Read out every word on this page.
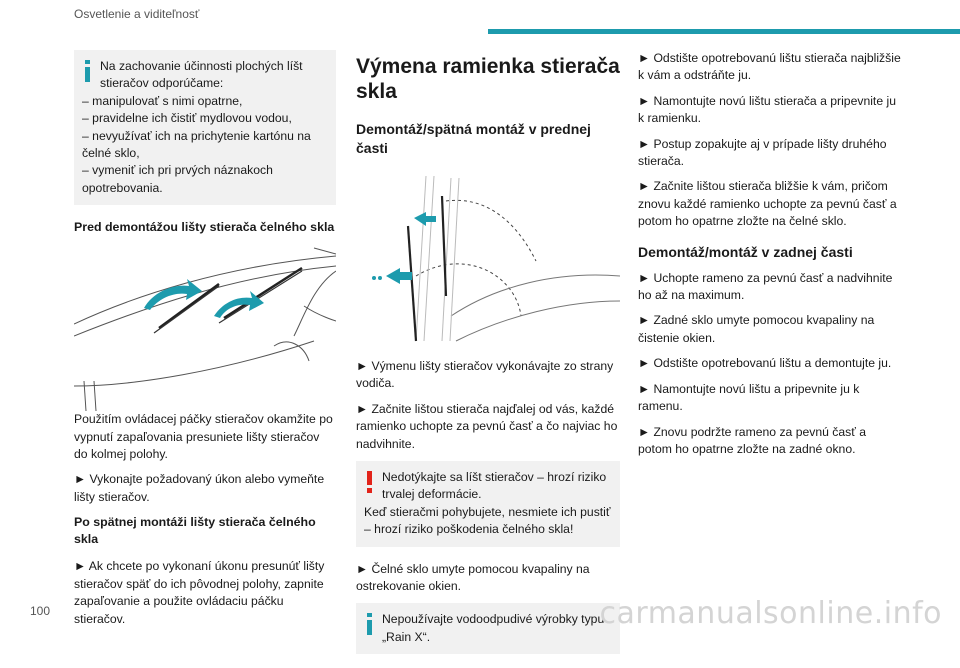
Osvetlenie a viditeľnosť
Na zachovanie účinnosti plochých líšt stieračov odporúčame:
– manipulovať s nimi opatrne,
– pravidelne ich čistiť mydlovou vodou,
– nevyužívať ich na prichytenie kartónu na čelné sklo,
– vymeniť ich pri prvých náznakoch opotrebovania.
Pred demontážou lišty stierača čelného skla

Použitím ovládacej páčky stieračov okamžite po vypnutí zapaľovania presuniete lišty stieračov do kolmej polohy.

► Vykonajte požadovaný úkon alebo vymeňte lišty stieračov.

Po spätnej montáži lišty stierača čelného skla

► Ak chcete po vykonaní úkonu presunúť lišty stieračov späť do ich pôvodnej polohy, zapnite zapaľovanie a použite ovládaciu páčku stieračov.

Výmena ramienka stierača skla
Demontáž/spätná montáž v prednej časti

► Výmenu lišty stieračov vykonávajte zo strany vodiča.

► Začnite lištou stierača najďalej od vás, každé ramienko uchopte za pevnú časť a čo najviac ho nadvihnite.

Nedotýkajte sa líšt stieračov – hrozí riziko trvalej deformácie.
Keď stieračmi pohybujete, nesmiete ich pustiť – hrozí riziko poškodenia čelného skla!

► Čelné sklo umyte pomocou kvapaliny na ostrekovanie okien.

Nepoužívajte vodoodpudivé výrobky typu „Rain X“.

► Odstište opotrebovanú lištu stierača najbližšie k vám a odstráňte ju.

► Namontujte novú lištu stierača a pripevnite ju k ramienku.

► Postup zopakujte aj v prípade lišty druhého stierača.

► Začnite lištou stierača bližšie k vám, pričom znovu každé ramienko uchopte za pevnú časť a potom ho opatrne zložte na čelné sklo.

Demontáž/montáž v zadnej časti

► Uchopte rameno za pevnú časť a nadvihnite ho až na maximum.

► Zadné sklo umyte pomocou kvapaliny na čistenie okien.

► Odstište opotrebovanú lištu a demontujte ju.

► Namontujte novú lištu a pripevnite ju k ramenu.

► Znovu podržte rameno za pevnú časť a potom ho opatrne zložte na zadné okno.

100	carmanualsonline.info
